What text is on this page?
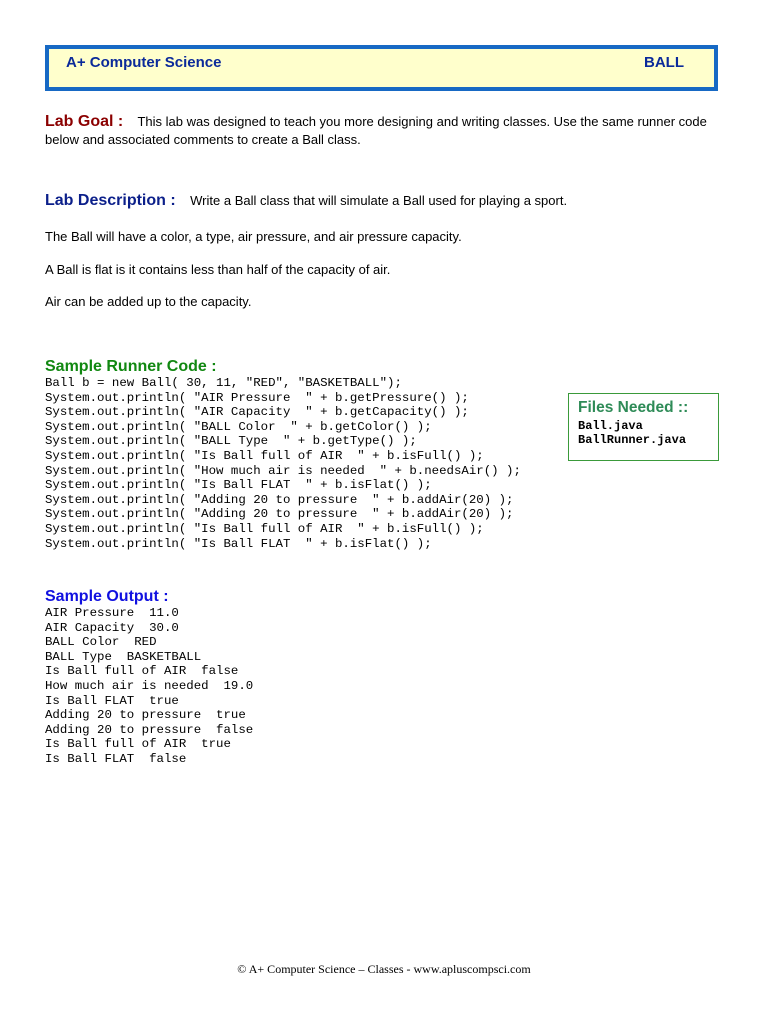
A+ Computer Science	BALL
Lab Goal : This lab was designed to teach you more designing and writing classes. Use the same runner code below and associated comments to create a Ball class.
Lab Description : Write a Ball class that will simulate a Ball used for playing a sport.
The Ball will have a color, a type, air pressure, and air pressure capacity.
A Ball is flat is it contains less than half of the capacity of air.
Air can be added up to the capacity.
Sample Runner Code :
Ball b = new Ball( 30, 11, "RED", "BASKETBALL");
System.out.println( "AIR Pressure  " + b.getPressure() );
System.out.println( "AIR Capacity  " + b.getCapacity() );
System.out.println( "BALL Color  " + b.getColor() );
System.out.println( "BALL Type  " + b.getType() );
System.out.println( "Is Ball full of AIR  " + b.isFull() );
System.out.println( "How much air is needed  " + b.needsAir() );
System.out.println( "Is Ball FLAT  " + b.isFlat() );
System.out.println( "Adding 20 to pressure  " + b.addAir(20) );
System.out.println( "Adding 20 to pressure  " + b.addAir(20) );
System.out.println( "Is Ball full of AIR  " + b.isFull() );
System.out.println( "Is Ball FLAT  " + b.isFlat() );
Files Needed ::
Ball.java
BallRunner.java
Sample Output :
AIR Pressure  11.0
AIR Capacity  30.0
BALL Color  RED
BALL Type  BASKETBALL
Is Ball full of AIR  false
How much air is needed  19.0
Is Ball FLAT  true
Adding 20 to pressure  true
Adding 20 to pressure  false
Is Ball full of AIR  true
Is Ball FLAT  false
© A+ Computer Science – Classes - www.apluscompsci.com
